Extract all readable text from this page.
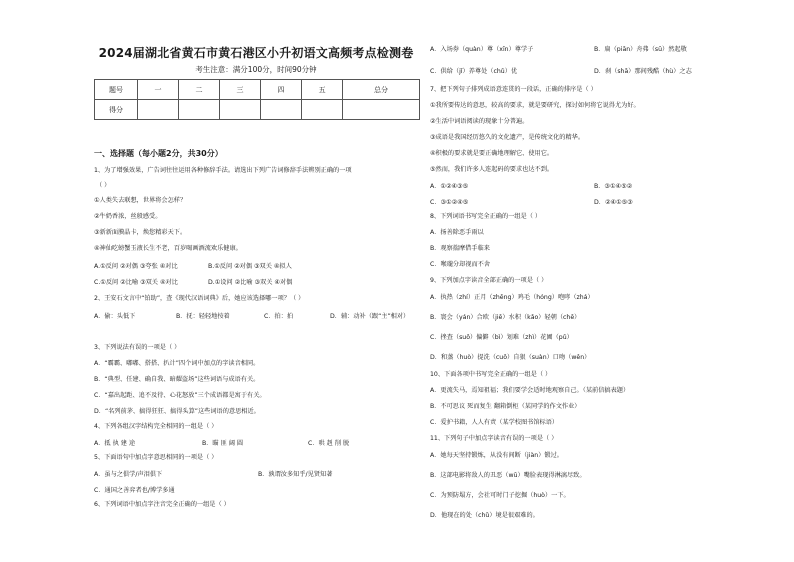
2024届湖北省黄石市黄石港区小升初语文高频考点检测卷
考生注意：满分100分，时间90分钟
题号	一	二	三	四	五	总分
得分						
一、选择题（每小题2分，共30分）
1、为了增强效果，广告词往往运用各种修辞手法。请选出下列广告词修辞手法辨别正确的一项
（ ）
①人类失去联想，世界将会怎样？
②牛奶香浓，丝般感受。
③新新面膜晶卡，焕您精彩天下。
④神仙吃螃蟹玉液长生不老，百岁喝画酒流欢乐健康。
A.①反问 ②对偶 ③夸张 ④对比	B.①反问 ②对偶 ③双关 ④拟人
C.①反问 ②比喻 ③双关 ④对比	D.①设问 ②比喻 ③双关 ④对偶
2、王安石文言中“铂助”，查《现代汉语词典》后，她应该选择哪一项？（ ）
A．偷：头低下	B．抚：轻轻地按着	C．拍：拍	D．辅：动补（跟“主”相对）
3、下列说法有误的一项是（ ）
A．“霸霸、嘟嘟、搭搭、扒计”四个词中加点的字读音相同。
B．“典型、任建、确自我、暗耀盗场”这些词语与成语有关。
C．“嘉出起距、追不及待、心花怒放”三个成语都是寓于有关。
D．“名列前茅、搞得狂狂、搞得头算”这些词语的意思相近。
4、下列各组汉字结构完全相同的一组是（ ）
A．抵 执 建 途	B．瞄 匪 阔 圆	C．哄 赳 削 脱
5、下面语句中加点字意思相同的一项是（ ）
A．虽与之俱学/声泪俱下	B．孰谓汝多知乎/见贤知著
C．通国之善弈者也/博学多通
6、下列词语中加点字注音完全正确的一组是（ ）
A．入场券（quàn）尊（xīn）尊学子	B．扁（piān）舟弗（sū）然起敬
C．供给（jǐ）养尊处（chǔ）优	D．刹（shā）那间残酷（hù）之志
7、把下列句子排列成语意连贯的一段话，正确的排序是（ ）
①我所要传达的意思，较高的要求，就是要研究，探讨如何将它说得尤为好。
②生活中词语阅读的现象十分普遍。
③成语是我国经历悠久的文化遗产，是传统文化的精华。
④积极的要求就是要正确地理解它、使用它。
⑤然而，我们许多人连起码的要求也达不到。
A．①②④③⑤	B．③①④⑤②
C．③①②④⑤	D．②④①⑤③
8、下列词语书写完全正确的一组是（ ）
A．扬善除恶手雨以
B．观察揣摩借手临来
C．喉瓏分却视而不舍
9、下列加点字读音全部正确的一项是（ ）
A．执热（zhí）正月（zhēng）鸡毛（hóng）咆哮（zhá）
B．寰会（yán）合欧（jiē）水积（kǎo）轻朝（chē）
C．挫查（suō）偏僻（bì）划难（zhì）花圃（pǔ）
D．和蒸（huò）提洗（cuō）自狠（suàn）口吻（wěn）
10、下面各项中书写完全正确的一组是（ ）
A．更流失马，焉知祖福；我们要学会适时地观察自己。（某前信搞表题）
B．不可思议 死而复生 翻箱倒柜（某同学的作文作业）
C．爱护书籍，人人有责（某学校图书馆标语）
11、下列句子中加点字读音有误的一项是（ ）
A．她每天坚持锻炼，从没有间断（jiàn）锻过。
B．这部电影将敌人的丑恶（wū）嘴脸表现得淋漓尽致。
C．为预防塌方，会社可时门子挖掘（huò）一下。
D．他现在的处（chǔ）境是很艰难的。
